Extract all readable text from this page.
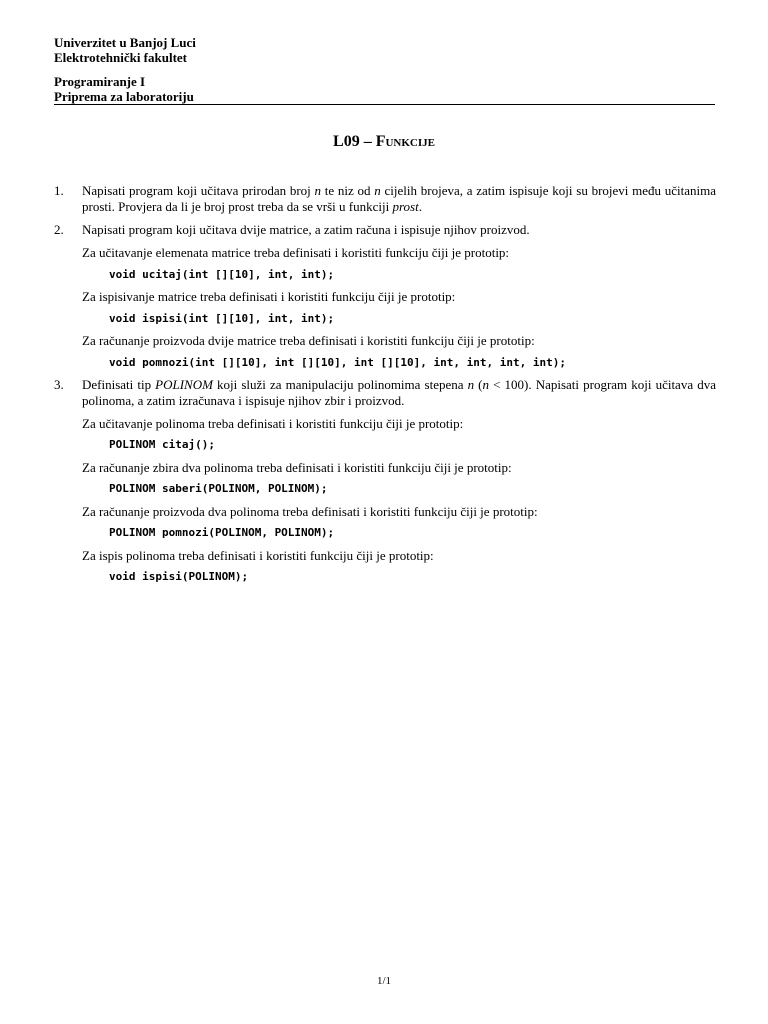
Univerzitet u Banjoj Luci
Elektrotehnički fakultet
Programiranje I
Priprema za laboratoriju
L09 – Funkcije
1. Napisati program koji učitava prirodan broj n te niz od n cijelih brojeva, a zatim ispisuje koji su brojevi među učitanima prosti. Provjera da li je broj prost treba da se vrši u funkciji prost.
2. Napisati program koji učitava dvije matrice, a zatim računa i ispisuje njihov proizvod.
Za učitavanje elemenata matrice treba definisati i koristiti funkciju čiji je prototip:
void ucitaj(int [][10], int, int);
Za ispisivanje matrice treba definisati i koristiti funkciju čiji je prototip:
void ispisi(int [][10], int, int);
Za računanje proizvoda dvije matrice treba definisati i koristiti funkciju čiji je prototip:
void pomnozi(int [][10], int [][10], int [][10], int, int, int, int);
3. Definisati tip POLINOM koji služi za manipulaciju polinomima stepena n (n < 100). Napisati program koji učitava dva polinoma, a zatim izračunava i ispisuje njihov zbir i proizvod.
Za učitavanje polinoma treba definisati i koristiti funkciju čiji je prototip:
POLINOM citaj();
Za računanje zbira dva polinoma treba definisati i koristiti funkciju čiji je prototip:
POLINOM saberi(POLINOM, POLINOM);
Za računanje proizvoda dva polinoma treba definisati i koristiti funkciju čiji je prototip:
POLINOM pomnozi(POLINOM, POLINOM);
Za ispis polinoma treba definisati i koristiti funkciju čiji je prototip:
void ispisi(POLINOM);
1/1
